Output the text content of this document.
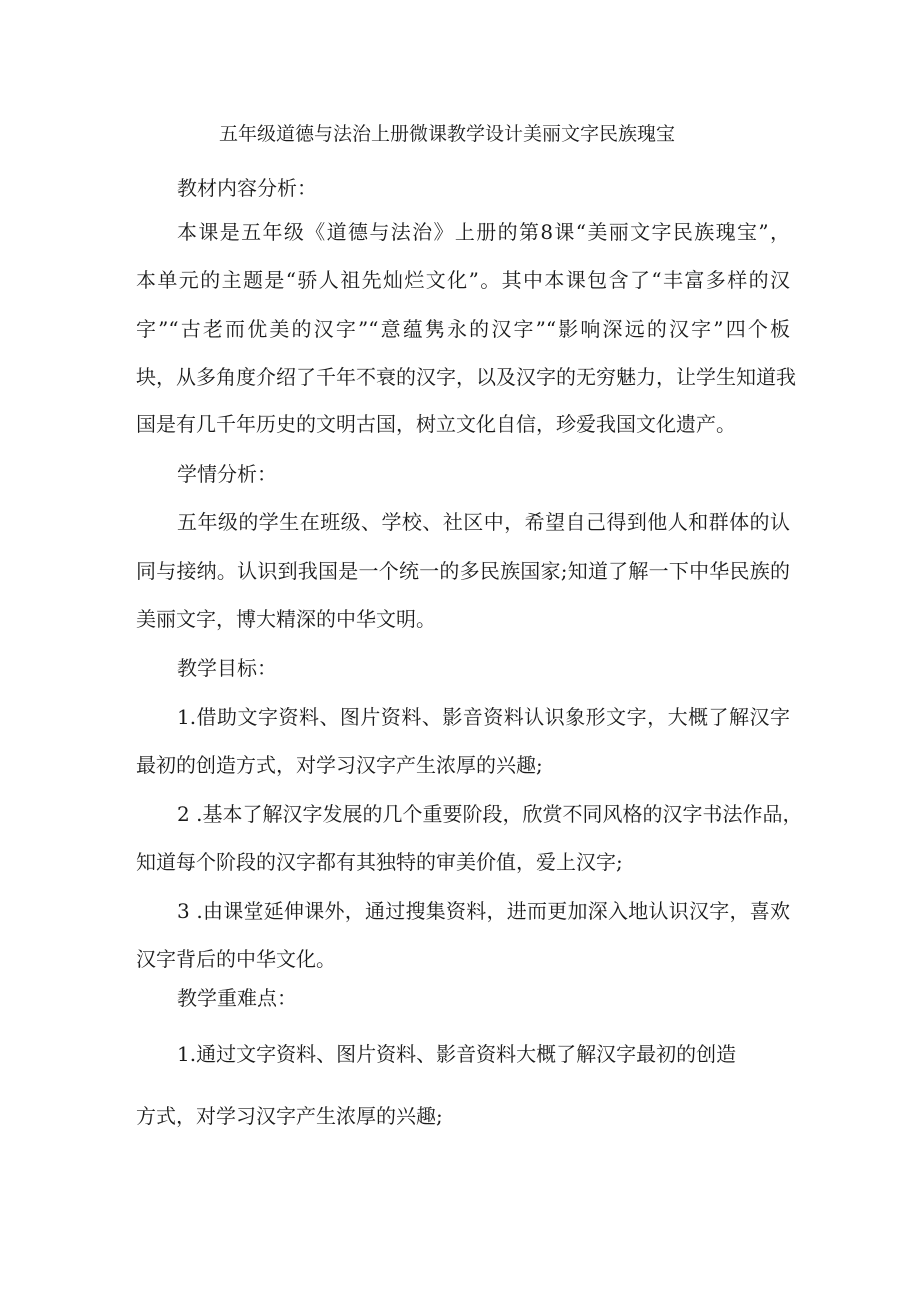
五年级道德与法治上册微课教学设计美丽文字民族瑰宝
教材内容分析：
本课是五年级《道德与法治》上册的第8课“美丽文字民族瑰宝”，
本单元的主题是“骄人祖先灿烂文化”。其中本课包含了“丰富多样的汉
字”“古老而优美的汉字”“意蕴隽永的汉字”“影响深远的汉字”四个板
块，从多角度介绍了千年不衰的汉字，以及汉字的无穷魅力，让学生知道我
国是有几千年历史的文明古国，树立文化自信，珍爱我国文化遗产。
学情分析：
五年级的学生在班级、学校、社区中，希望自己得到他人和群体的认
同与接纳。认识到我国是一个统一的多民族国家;知道了解一下中华民族的
美丽文字，博大精深的中华文明。
教学目标：
1.借助文字资料、图片资料、影音资料认识象形文字，大概了解汉字
最初的创造方式，对学习汉字产生浓厚的兴趣;
2 .基本了解汉字发展的几个重要阶段，欣赏不同风格的汉字书法作品，
知道每个阶段的汉字都有其独特的审美价值，爱上汉字;
3 .由课堂延伸课外，通过搜集资料，进而更加深入地认识汉字，喜欢
汉字背后的中华文化。
教学重难点：
1.通过文字资料、图片资料、影音资料大概了解汉字最初的创造
方式，对学习汉字产生浓厚的兴趣;
